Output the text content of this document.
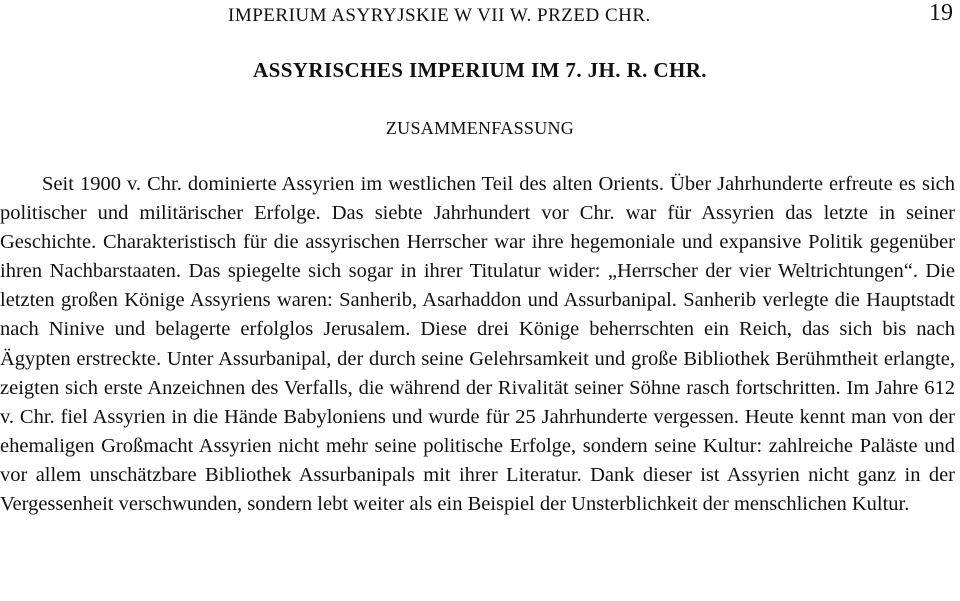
IMPERIUM ASYRYJSKIE W VII W. PRZED CHR.	19
ASSYRISCHES IMPERIUM IM 7. JH. R. CHR.
ZUSAMMENFASSUNG

Seit 1900 v. Chr. dominierte Assyrien im westlichen Teil des alten Orients. Über Jahrhunderte erfreute es sich politischer und militärischer Erfolge. Das siebte Jahrhundert vor Chr. war für Assyrien das letzte in seiner Geschichte. Charakteristisch für die assyrischen Herrscher war ihre hegemoniale und expansive Politik gegenüber ihren Nachbarstaaten. Das spiegelte sich sogar in ihrer Titulatur wider: „Herrscher der vier Weltrichtungen“. Die letzten großen Könige Assyriens waren: Sanherib, Asarhaddon und Assurbanipal. Sanherib verlegte die Hauptstadt nach Ninive und belagerte erfolglos Jerusalem. Diese drei Könige beherrschten ein Reich, das sich bis nach Ägypten erstreckte. Unter Assurbanipal, der durch seine Gelehrsamkeit und große Bibliothek Berühmtheit erlangte, zeigten sich erste Anzeichnen des Verfalls, die während der Rivalität seiner Söhne rasch fortschritten. Im Jahre 612 v. Chr. fiel Assyrien in die Hände Babyloniens und wurde für 25 Jahrhunderte vergessen. Heute kennt man von der ehemaligen Großmacht Assyrien nicht mehr seine politische Erfolge, sondern seine Kultur: zahlreiche Paläste und vor allem unschätzbare Bibliothek Assurbanipals mit ihrer Literatur. Dank dieser ist Assyrien nicht ganz in der Vergessenheit verschwunden, sondern lebt weiter als ein Beispiel der Unsterblichkeit der menschlichen Kultur.
